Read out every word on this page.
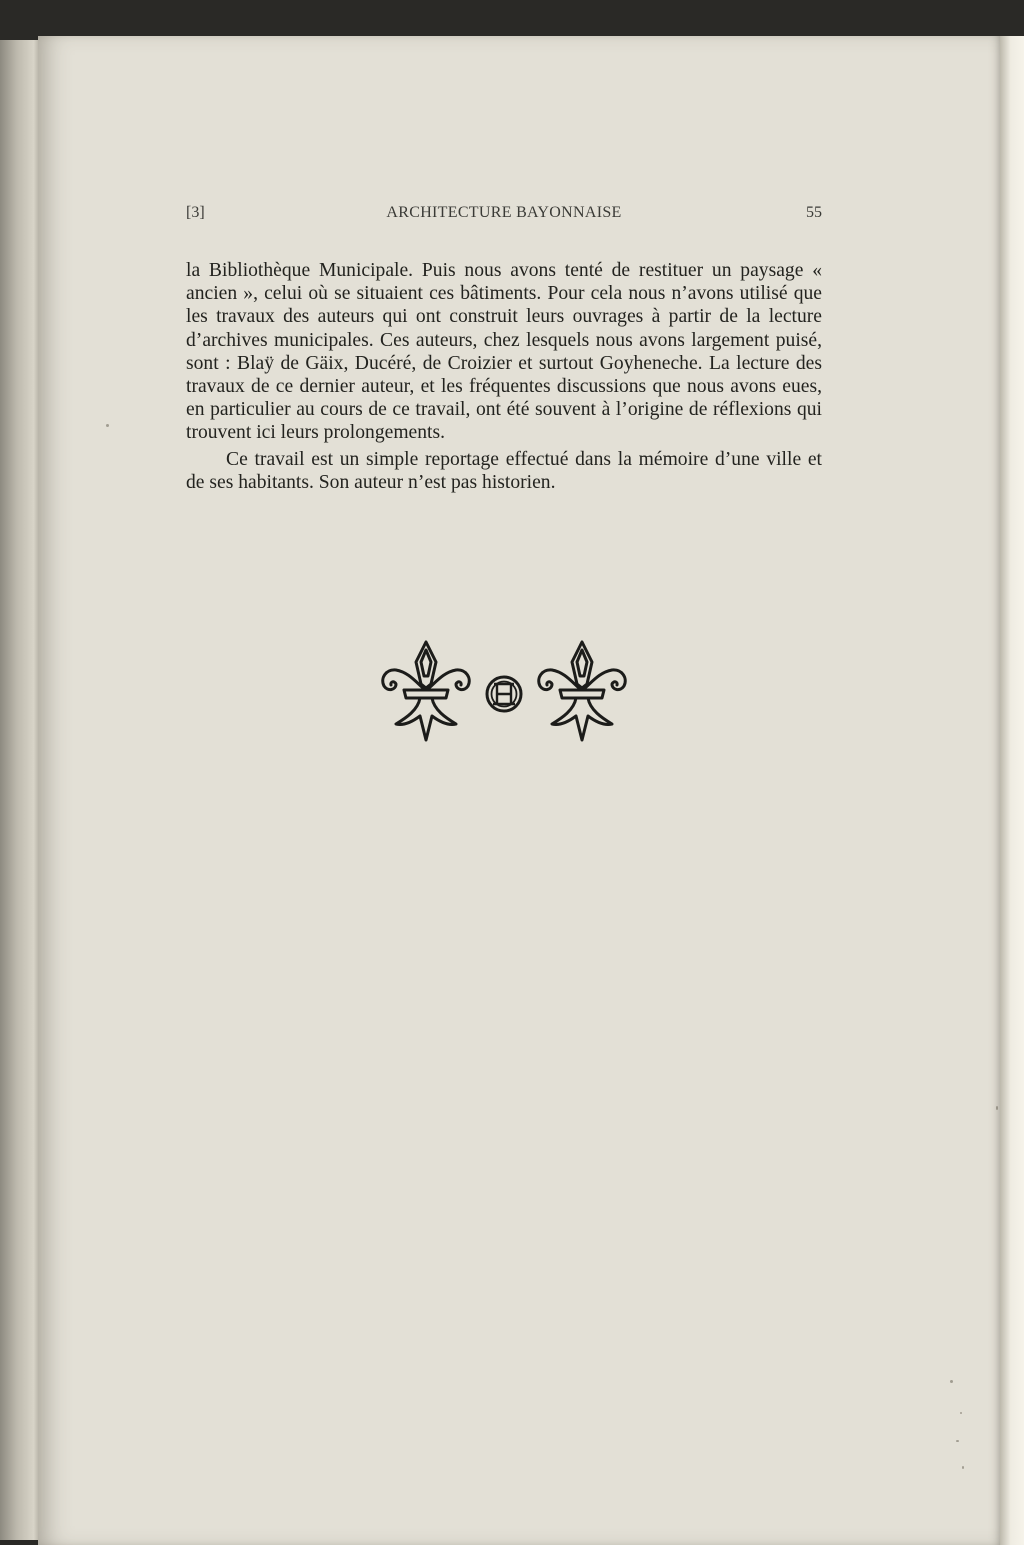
[3]	ARCHITECTURE BAYONNAISE	55

la Bibliothèque Municipale. Puis nous avons tenté de restituer un paysage « ancien », celui où se situaient ces bâtiments. Pour cela nous n’avons utilisé que les travaux des auteurs qui ont construit leurs ouvrages à partir de la lecture d’archives municipales. Ces auteurs, chez lesquels nous avons largement puisé, sont : Blaÿ de Gäix, Ducéré, de Croizier et surtout Goyheneche. La lecture des travaux de ce dernier auteur, et les fréquentes discussions que nous avons eues, en particulier au cours de ce travail, ont été souvent à l’origine de réflexions qui trouvent ici leurs prolongements.

Ce travail est un simple reportage effectué dans la mémoire d’une ville et de ses habitants. Son auteur n’est pas historien.
